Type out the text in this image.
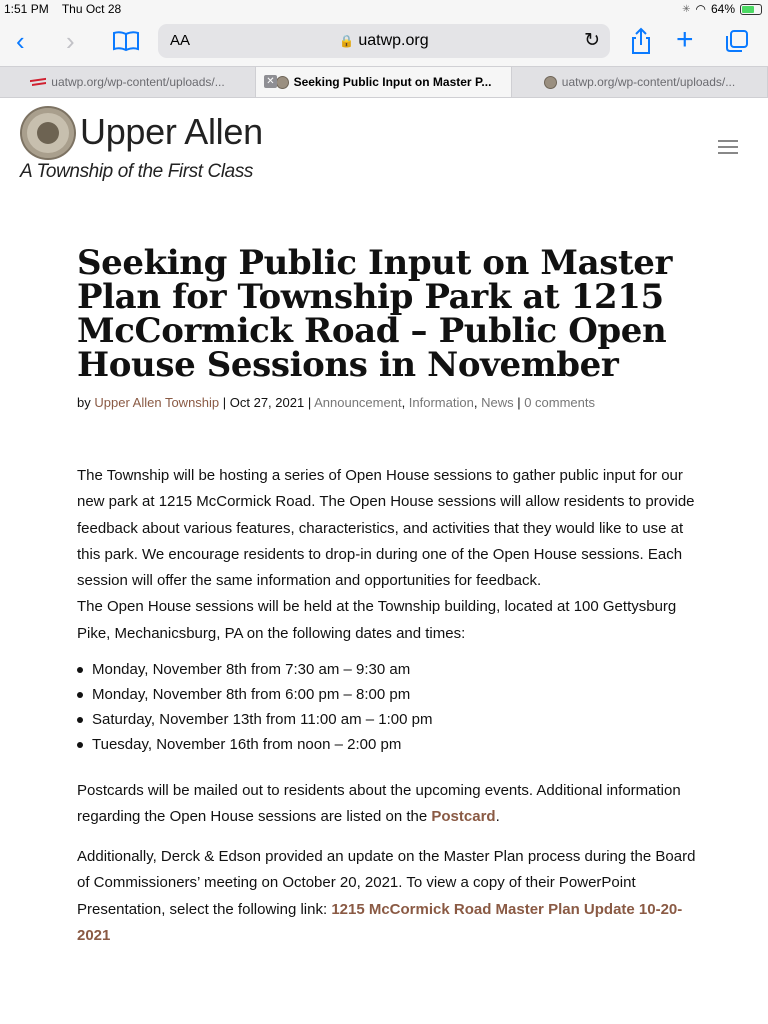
1:51 PM Thu Oct 28	✳ ◠ 64%
‹ ›	AA	🔒 uatwp.org	↻	+
uatwp.org/wp-content/uploads/...	✕ Seeking Public Input on Master P...	uatwp.org/wp-content/uploads/...
Upper Allen
A Township of the First Class
Seeking Public Input on Master Plan for Township Park at 1215 McCormick Road – Public Open House Sessions in November
by Upper Allen Township | Oct 27, 2021 | Announcement, Information, News | 0 comments
The Township will be hosting a series of Open House sessions to gather public input for our new park at 1215 McCormick Road. The Open House sessions will allow residents to provide feedback about various features, characteristics, and activities that they would like to use at this park. We encourage residents to drop-in during one of the Open House sessions. Each session will offer the same information and opportunities for feedback.
The Open House sessions will be held at the Township building, located at 100 Gettysburg Pike, Mechanicsburg, PA on the following dates and times:
Monday, November 8th from 7:30 am – 9:30 am
Monday, November 8th from 6:00 pm – 8:00 pm
Saturday, November 13th from 11:00 am – 1:00 pm
Tuesday, November 16th from noon – 2:00 pm

Postcards will be mailed out to residents about the upcoming events. Additional information regarding the Open House sessions are listed on the Postcard.

Additionally, Derck & Edson provided an update on the Master Plan process during the Board of Commissioners’ meeting on October 20, 2021. To view a copy of their PowerPoint Presentation, select the following link: 1215 McCormick Road Master Plan Update 10-20-2021
